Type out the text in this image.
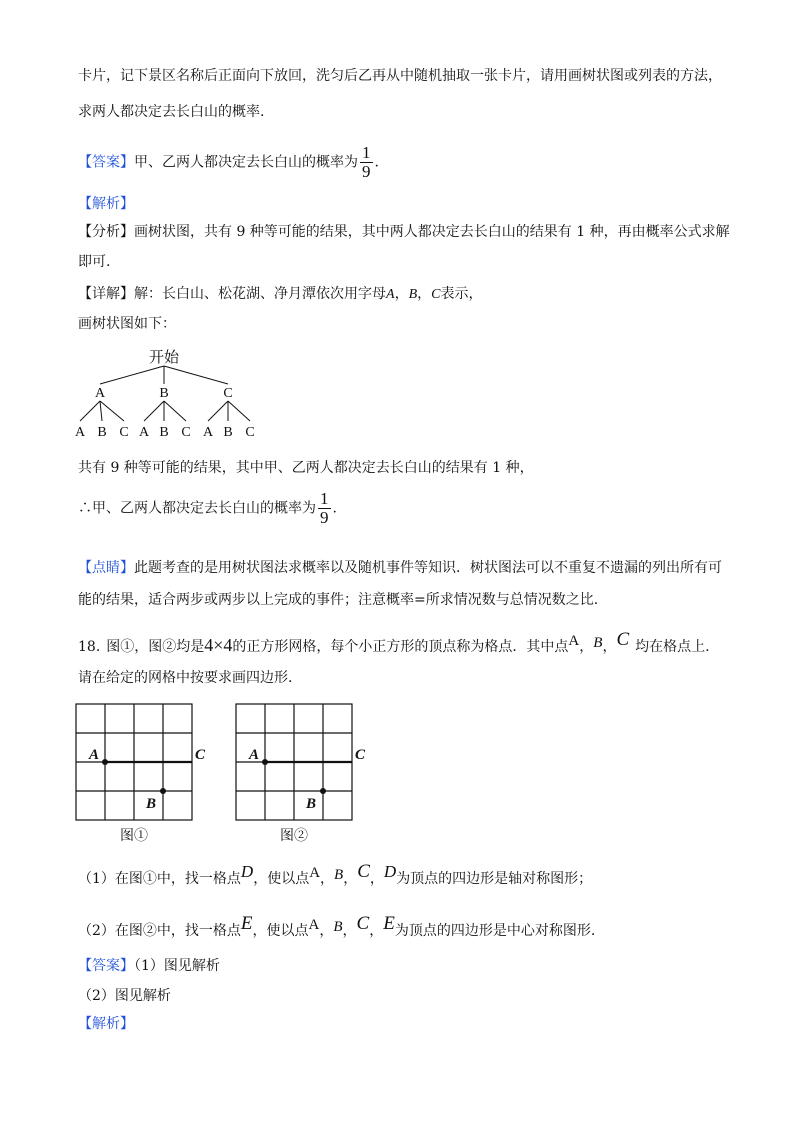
卡片，记下景区名称后正面向下放回，洗匀后乙再从中随机抽取一张卡片，请用画树状图或列表的方法，
求两人都决定去长白山的概率.
【答案】甲、乙两人都决定去长白山的概率为 $\frac{1}{9}$ .
【解析】
【分析】画树状图，共有 9 种等可能的结果，其中两人都决定去长白山的结果有 1 种，再由概率公式求解
即可.
【详解】解：长白山、松花湖、净月潭依次用字母A，B，C表示，
画树状图如下：
开始
A	B	C
A B C A B C A B C
共有 9 种等可能的结果，其中甲、乙两人都决定去长白山的结果有 1 种，
∴甲、乙两人都决定去长白山的概率为 $\frac{1}{9}$ .
【点睛】此题考查的是用树状图法求概率以及随机事件等知识．树状图法可以不重复不遗漏的列出所有可
能的结果，适合两步或两步以上完成的事件；注意概率=所求情况数与总情况数之比.
18. 图①，图②均是4×4的正方形网格，每个小正方形的顶点称为格点．其中点A，B，C 均在格点上.
请在给定的网格中按要求画四边形.
A	C
B
图①
A	C
B
图②
（1）在图①中，找一格点D，使以点A，B，C，D为顶点的四边形是轴对称图形；
（2）在图②中，找一格点E，使以点A，B，C，E为顶点的四边形是中心对称图形.
【答案】（1）图见解析
（2）图见解析
【解析】
